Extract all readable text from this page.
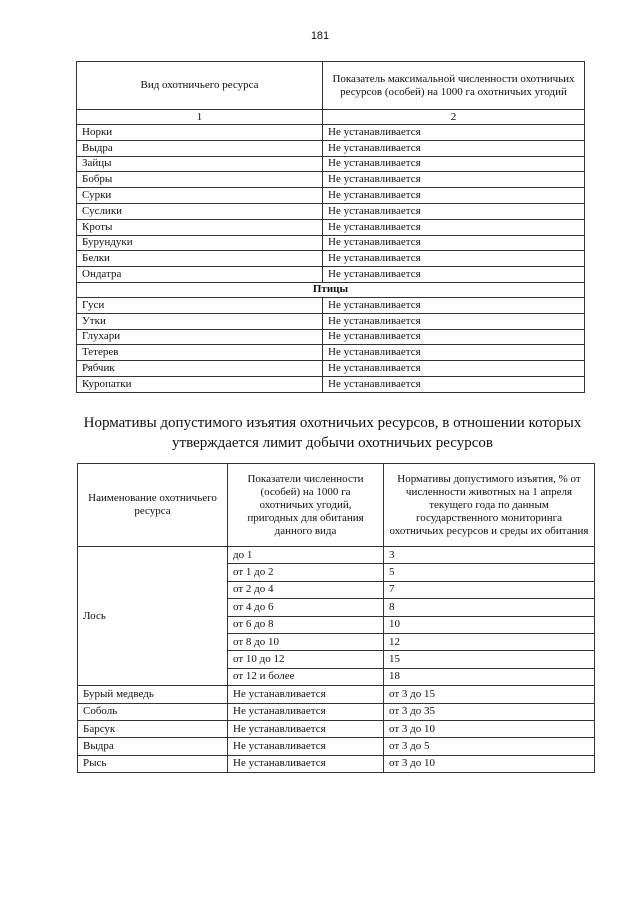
181
Вид охотничьего ресурса	Показатель максимальной численности охотничьих ресурсов (особей) на 1000 га охотничьих угодий
1	2
Норки	Не устанавливается
Выдра	Не устанавливается
Зайцы	Не устанавливается
Бобры	Не устанавливается
Сурки	Не устанавливается
Суслики	Не устанавливается
Кроты	Не устанавливается
Бурундуки	Не устанавливается
Белки	Не устанавливается
Ондатра	Не устанавливается
Птицы	
Гуси	Не устанавливается
Утки	Не устанавливается
Глухари	Не устанавливается
Тетерев	Не устанавливается
Рябчик	Не устанавливается
Куропатки	Не устанавливается
Нормативы допустимого изъятия охотничьих ресурсов, в отношении которых утверждается лимит добычи охотничьих ресурсов
Наименование охотничьего ресурса	Показатели численности (особей) на 1000 га охотничьих угодий, пригодных для обитания данного вида	Нормативы допустимого изъятия, % от численности животных на 1 апреля текущего года по данным государственного мониторинга охотничьих ресурсов и среды их обитания
Лось	до 1	3
	от 1 до 2	5
	от 2 до 4	7
	от 4 до 6	8
	от 6 до 8	10
	от 8 до 10	12
	от 10 до 12	15
	от 12 и более	18
Бурый медведь	Не устанавливается	от 3 до 15
Соболь	Не устанавливается	от 3 до 35
Барсук	Не устанавливается	от 3 до 10
Выдра	Не устанавливается	от 3 до 5
Рысь	Не устанавливается	от 3 до 10
